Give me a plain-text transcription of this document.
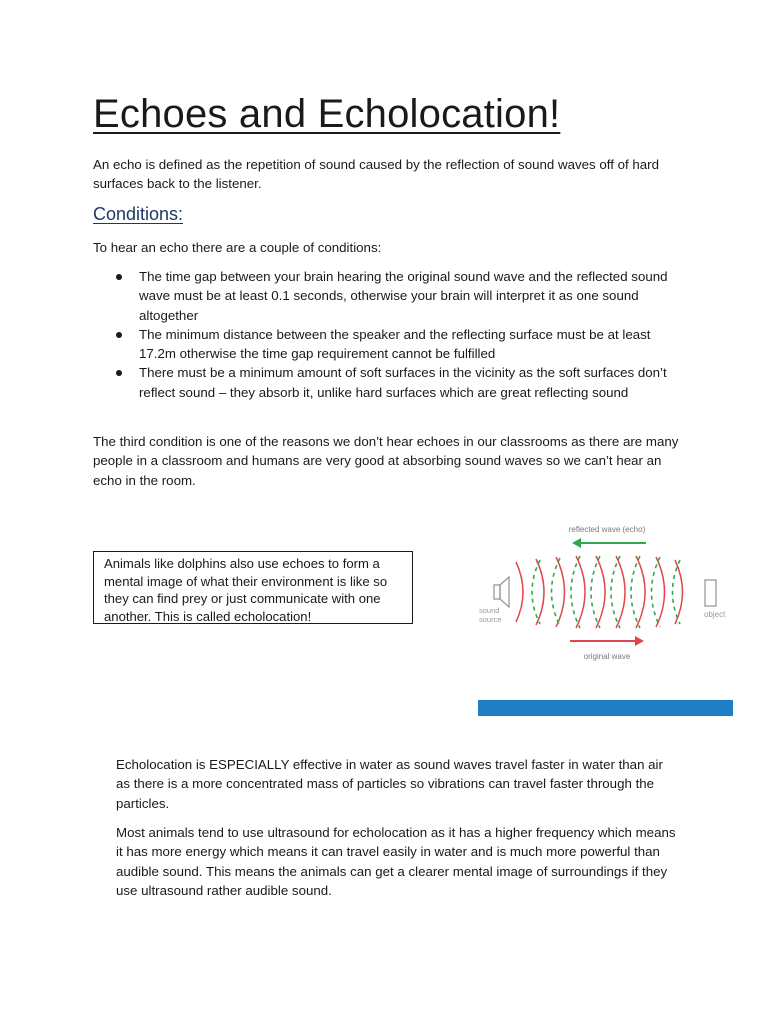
Echoes and Echolocation!

An echo is defined as the repetition of sound caused by the reflection of sound waves off of hard surfaces back to the listener.

Conditions:

To hear an echo there are a couple of conditions:

The time gap between your brain hearing the original sound wave and the reflected sound wave must be at least 0.1 seconds, otherwise your brain will interpret it as one sound altogether
The minimum distance between the speaker and the reflecting surface must be at least 17.2m otherwise the time gap requirement cannot be fulfilled
There must be a minimum amount of soft surfaces in the vicinity as the soft surfaces don’t reflect sound – they absorb it, unlike hard surfaces which are great reflecting sound

The third condition is one of the reasons we don’t hear echoes in our classrooms as there are many people in a classroom and humans are very good at absorbing sound waves so we can’t hear an echo in the room.

Animals like dolphins also use echoes to form a mental image of what their environment is like so they can find prey or just communicate with one another. This is called echolocation!
reflected wave (echo)
sound
source
object
original wave

Echolocation is ESPECIALLY effective in water as sound waves travel faster in water than air as there is a more concentrated mass of particles so vibrations can travel faster through the particles.

Most animals tend to use ultrasound for echolocation as it has a higher frequency which means it has more energy which means it can travel easily in water and is much more powerful than audible sound. This means the animals can get a clearer mental image of surroundings if they use ultrasound rather audible sound.
